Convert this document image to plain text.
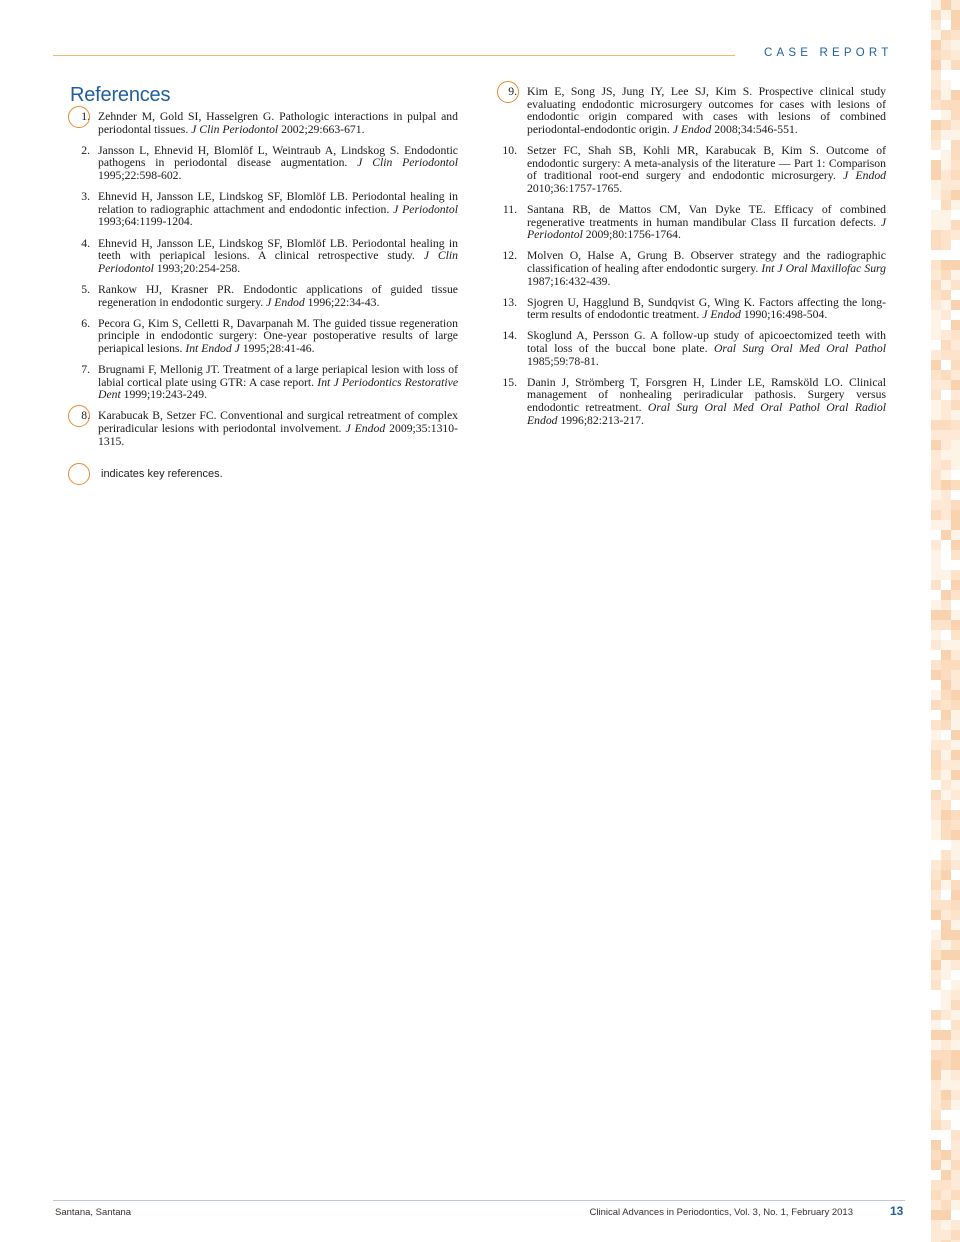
CASE REPORT
References
1. Zehnder M, Gold SI, Hasselgren G. Pathologic interactions in pulpal and periodontal tissues. J Clin Periodontol 2002;29:663-671.
2. Jansson L, Ehnevid H, Blomlöf L, Weintraub A, Lindskog S. Endodontic pathogens in periodontal disease augmentation. J Clin Periodontol 1995;22:598-602.
3. Ehnevid H, Jansson LE, Lindskog SF, Blomlöf LB. Periodontal healing in relation to radiographic attachment and endodontic infection. J Periodontol 1993;64:1199-1204.
4. Ehnevid H, Jansson LE, Lindskog SF, Blomlöf LB. Periodontal healing in teeth with periapical lesions. A clinical retrospective study. J Clin Periodontol 1993;20:254-258.
5. Rankow HJ, Krasner PR. Endodontic applications of guided tissue regeneration in endodontic surgery. J Endod 1996;22:34-43.
6. Pecora G, Kim S, Celletti R, Davarpanah M. The guided tissue regeneration principle in endodontic surgery: One-year postoperative results of large periapical lesions. Int Endod J 1995;28:41-46.
7. Brugnami F, Mellonig JT. Treatment of a large periapical lesion with loss of labial cortical plate using GTR: A case report. Int J Periodontics Restorative Dent 1999;19:243-249.
8. Karabucak B, Setzer FC. Conventional and surgical retreatment of complex periradicular lesions with periodontal involvement. J Endod 2009;35:1310-1315.
9. Kim E, Song JS, Jung IY, Lee SJ, Kim S. Prospective clinical study evaluating endodontic microsurgery outcomes for cases with lesions of endodontic origin compared with cases with lesions of combined periodontal-endodontic origin. J Endod 2008;34:546-551.
10. Setzer FC, Shah SB, Kohli MR, Karabucak B, Kim S. Outcome of endodontic surgery: A meta-analysis of the literature — Part 1: Comparison of traditional root-end surgery and endodontic microsurgery. J Endod 2010;36:1757-1765.
11. Santana RB, de Mattos CM, Van Dyke TE. Efficacy of combined regenerative treatments in human mandibular Class II furcation defects. J Periodontol 2009;80:1756-1764.
12. Molven O, Halse A, Grung B. Observer strategy and the radiographic classification of healing after endodontic surgery. Int J Oral Maxillofac Surg 1987;16:432-439.
13. Sjogren U, Hagglund B, Sundqvist G, Wing K. Factors affecting the long-term results of endodontic treatment. J Endod 1990;16:498-504.
14. Skoglund A, Persson G. A follow-up study of apicoectomized teeth with total loss of the buccal bone plate. Oral Surg Oral Med Oral Pathol 1985;59:78-81.
15. Danin J, Strömberg T, Forsgren H, Linder LE, Ramsköld LO. Clinical management of nonhealing periradicular pathosis. Surgery versus endodontic retreatment. Oral Surg Oral Med Oral Pathol Oral Radiol Endod 1996;82:213-217.
indicates key references.
Santana, Santana	Clinical Advances in Periodontics, Vol. 3, No. 1, February 2013	13
